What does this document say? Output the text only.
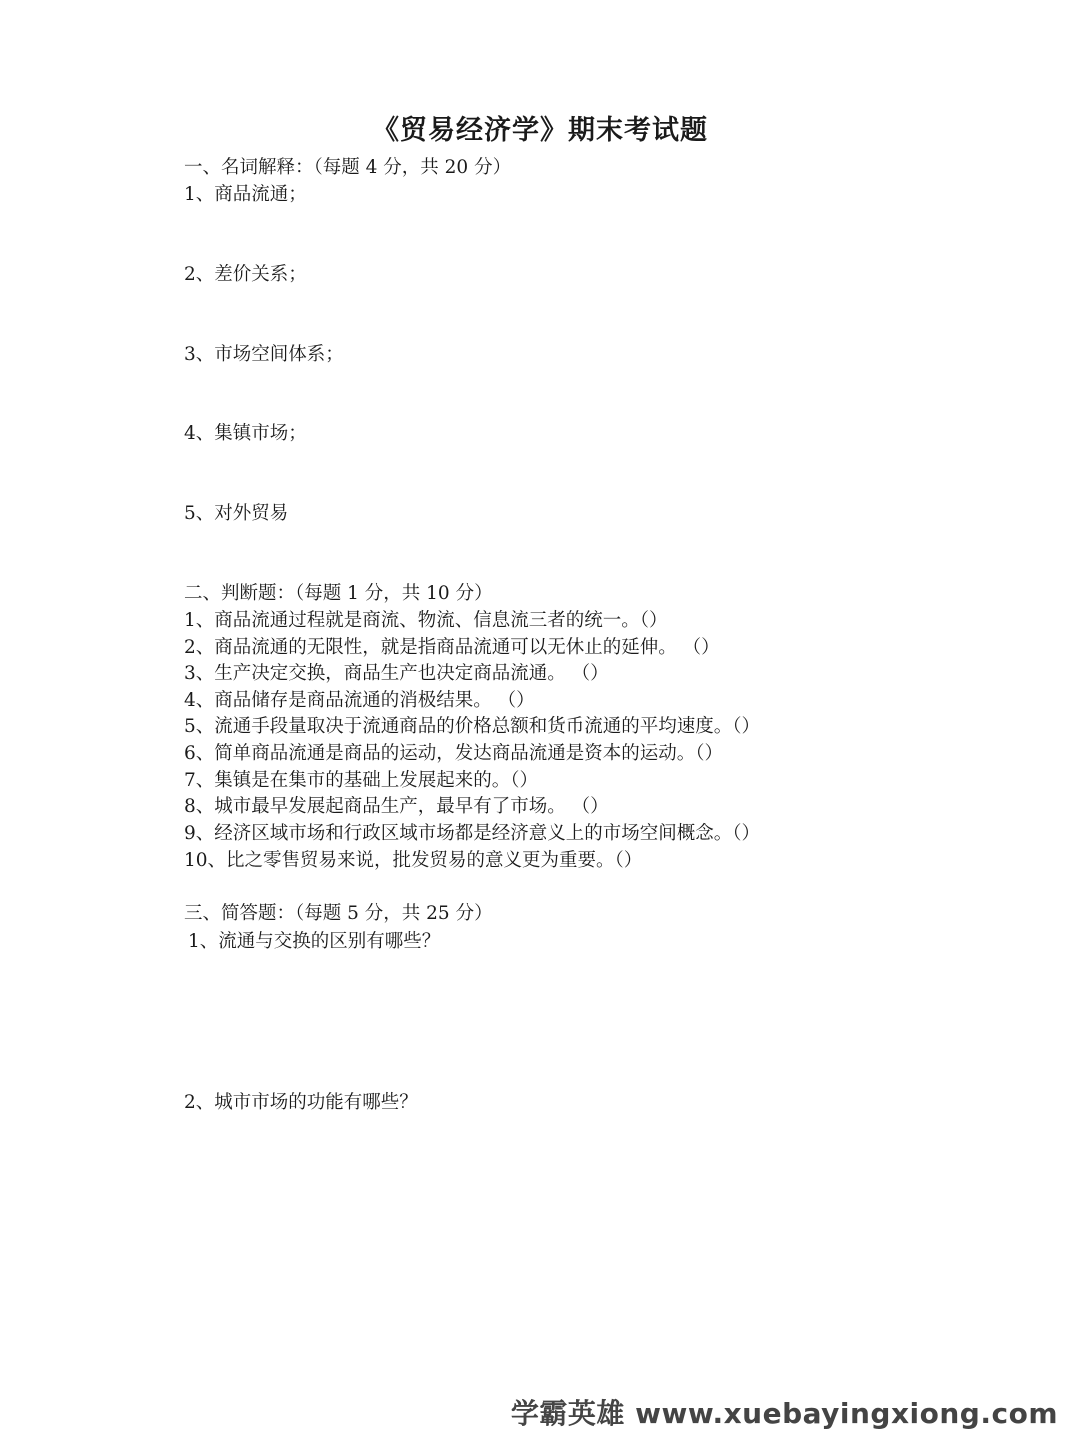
《贸易经济学》期末考试题
一、名词解释：（每题 4 分，共 20 分）
1、商品流通；
2、差价关系；
3、市场空间体系；
4、集镇市场；
5、对外贸易
二、判断题：（每题 1 分，共 10 分）
1、商品流通过程就是商流、物流、信息流三者的统一。（）
2、商品流通的无限性，就是指商品流通可以无休止的延伸。 （）
3、生产决定交换，商品生产也决定商品流通。 （）
4、商品储存是商品流通的消极结果。 （）
5、流通手段量取决于流通商品的价格总额和货币流通的平均速度。（）
6、简单商品流通是商品的运动，发达商品流通是资本的运动。（）
7、集镇是在集市的基础上发展起来的。（）
8、城市最早发展起商品生产，最早有了市场。 （）
9、经济区域市场和行政区域市场都是经济意义上的市场空间概念。（）
10、比之零售贸易来说，批发贸易的意义更为重要。（）
三、简答题：（每题 5 分，共 25 分）
1、流通与交换的区别有哪些？
2、城市市场的功能有哪些？
学霸英雄 www.xuebayingxiong.com
